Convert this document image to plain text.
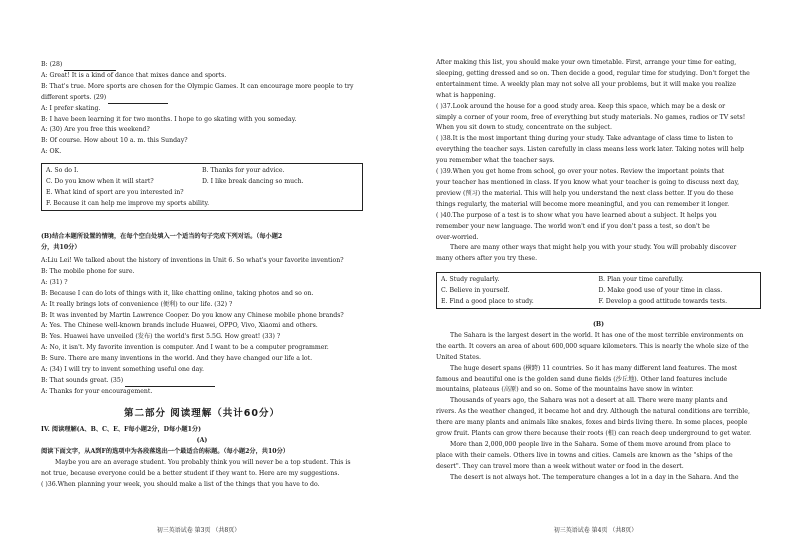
B: (28)
A: Great! It is a kind of dance that mixes dance and sports.
B: That's true. More sports are chosen for the Olympic Games. It can encourage more people to try
different sports. (29)
A: I prefer skating.
B: I have been learning it for two months. I hope to go skating with you someday.
A: (30) Are you free this weekend?
B: Of course. How about 10 a. m. this Sunday?
A: OK.
A. So do I.	B. Thanks for your advice.
C. Do you know when it will start?	D. I like break dancing so much.
E. What kind of sport are you interested in?
F. Because it can help me improve my sports ability.
(B)结合本题所设置的情境，在每个空白处填入一个适当的句子完成下列对话。（每小题2
分，共10分）
A:Liu Lei! We talked about the history of inventions in Unit 6. So what's your favorite invention?
B: The mobile phone for sure.
A: (31) ?
B: Because I can do lots of things with it, like chatting online, taking photos and so on.
A: It really brings lots of convenience (便利) to our life. (32) ?
B: It was invented by Martin Lawrence Cooper. Do you know any Chinese mobile phone brands?
A: Yes. The Chinese well-known brands include Huawei, OPPO, Vivo, Xiaomi and others.
B: Yes. Huawei have unveiled (发布) the world's first 5.5G. How great! (33) ?
A: No, it isn't. My favorite invention is computer. And I want to be a computer programmer.
B: Sure. There are many inventions in the world. And they have changed our life a lot.
A: (34) I will try to invent something useful one day.
B: That sounds great. (35)
A: Thanks for your encouragement.
第二部分 阅读理解（共计60分）
IV. 阅读理解(A、B、C、E、F每小题2分，D每小题1分)
(A)
阅读下面文字，从A到F的选项中为各段落选出一个最适合的标题。（每小题2分，共10分）
Maybe you are an average student. You probably think you will never be a top student. This is
not true, because everyone could be a better student if they want to. Here are my suggestions.
( )36.When planning your week, you should make a list of the things that you have to do.
初三英语试卷 第3页 （共8页）
After making this list, you should make your own timetable. First, arrange your time for eating,
sleeping, getting dressed and so on. Then decide a good, regular time for studying. Don't forget the
entertainment time. A weekly plan may not solve all your problems, but it will make you realize
what is happening.
( )37.Look around the house for a good study area. Keep this space, which may be a desk or
simply a corner of your room, free of everything but study materials. No games, radios or TV sets!
When you sit down to study, concentrate on the subject.
( )38.It is the most important thing during your study. Take advantage of class time to listen to
everything the teacher says. Listen carefully in class means less work later. Taking notes will help
you remember what the teacher says.
( )39.When you get home from school, go over your notes. Review the important points that
your teacher has mentioned in class. If you know what your teacher is going to discuss next day,
preview (预习) the material. This will help you understand the next class better. If you do these
things regularly, the material will become more meaningful, and you can remember it longer.
( )40.The purpose of a test is to show what you have learned about a subject. It helps you
remember your new language. The world won't end if you don't pass a test, so don't be
over-worried.
There are many other ways that might help you with your study. You will probably discover
many others after you try these.
A. Study regularly.	B. Plan your time carefully.
C. Believe in yourself.	D. Make good use of your time in class.
E. Find a good place to study.	F. Develop a good attitude towards tests.
(B)
The Sahara is the largest desert in the world. It has one of the most terrible environments on
the earth. It covers an area of about 600,000 square kilometers. This is nearly the whole size of the
United States.
The huge desert spans (横跨) 11 countries. So it has many different land features. The most
famous and beautiful one is the golden sand dune fields (沙丘地). Other land features include
mountains, plateaus (高原) and so on. Some of the mountains have snow in winter.
Thousands of years ago, the Sahara was not a desert at all. There were many plants and
rivers. As the weather changed, it became hot and dry. Although the natural conditions are terrible,
there are many plants and animals like snakes, foxes and birds living there. In some places, people
grow fruit. Plants can grow there because their roots (根) can reach deep underground to get water.
More than 2,000,000 people live in the Sahara. Some of them move around from place to
place with their camels. Others live in towns and cities. Camels are known as the "ships of the
desert". They can travel more than a week without water or food in the desert.
The desert is not always hot. The temperature changes a lot in a day in the Sahara. And the
初三英语试卷 第4页 （共8页）
